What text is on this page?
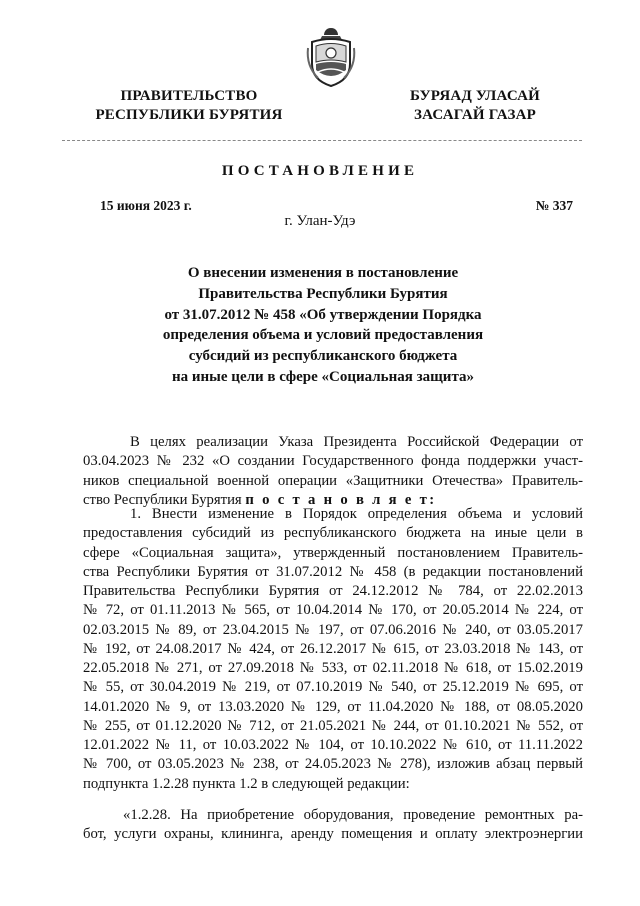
ПРАВИТЕЛЬСТВО
РЕСПУБЛИКИ БУРЯТИЯ
БУРЯАД УЛАСАЙ
ЗАСАГАЙ ГАЗАР
ПОСТАНОВЛЕНИЕ
15 июня 2023 г.	№ 337
г. Улан-Удэ
О внесении изменения в постановление
Правительства Республики Бурятия
от 31.07.2012 № 458 «Об утверждении Порядка
определения объема и условий предоставления
субсидий из республиканского бюджета
на иные цели в сфере «Социальная защита»
В целях реализации Указа Президента Российской Федерации от
03.04.2023 № 232 «О создании Государственного фонда поддержки участ-
ников специальной военной операции «Защитники Отечества» Правитель-
ство Республики Бурятия п о с т а н о в л я е т:
1. Внести изменение в Порядок определения объема и условий
предоставления субсидий из республиканского бюджета на иные цели в
сфере «Социальная защита», утвержденный постановлением Правитель-
ства Республики Бурятия от 31.07.2012 № 458 (в редакции постановлений
Правительства Республики Бурятия от 24.12.2012 № 784, от 22.02.2013
№ 72, от 01.11.2013 № 565, от 10.04.2014 № 170, от 20.05.2014 № 224, от
02.03.2015 № 89, от 23.04.2015 № 197, от 07.06.2016 № 240, от 03.05.2017
№ 192, от 24.08.2017 № 424, от 26.12.2017 № 615, от 23.03.2018 № 143, от
22.05.2018 № 271, от 27.09.2018 № 533, от 02.11.2018 № 618, от 15.02.2019
№ 55, от 30.04.2019 № 219, от 07.10.2019 № 540, от 25.12.2019 № 695, от
14.01.2020 № 9, от 13.03.2020 № 129, от 11.04.2020 № 188, от 08.05.2020
№ 255, от 01.12.2020 № 712, от 21.05.2021 № 244, от 01.10.2021 № 552, от
12.01.2022 № 11, от 10.03.2022 № 104, от 10.10.2022 № 610, от 11.11.2022
№ 700, от 03.05.2023 № 238, от 24.05.2023 № 278), изложив абзац первый
подпункта 1.2.28 пункта 1.2 в следующей редакции:
«1.2.28. На приобретение оборудования, проведение ремонтных ра-
бот, услуги охраны, клининга, аренду помещения и оплату электроэнергии
